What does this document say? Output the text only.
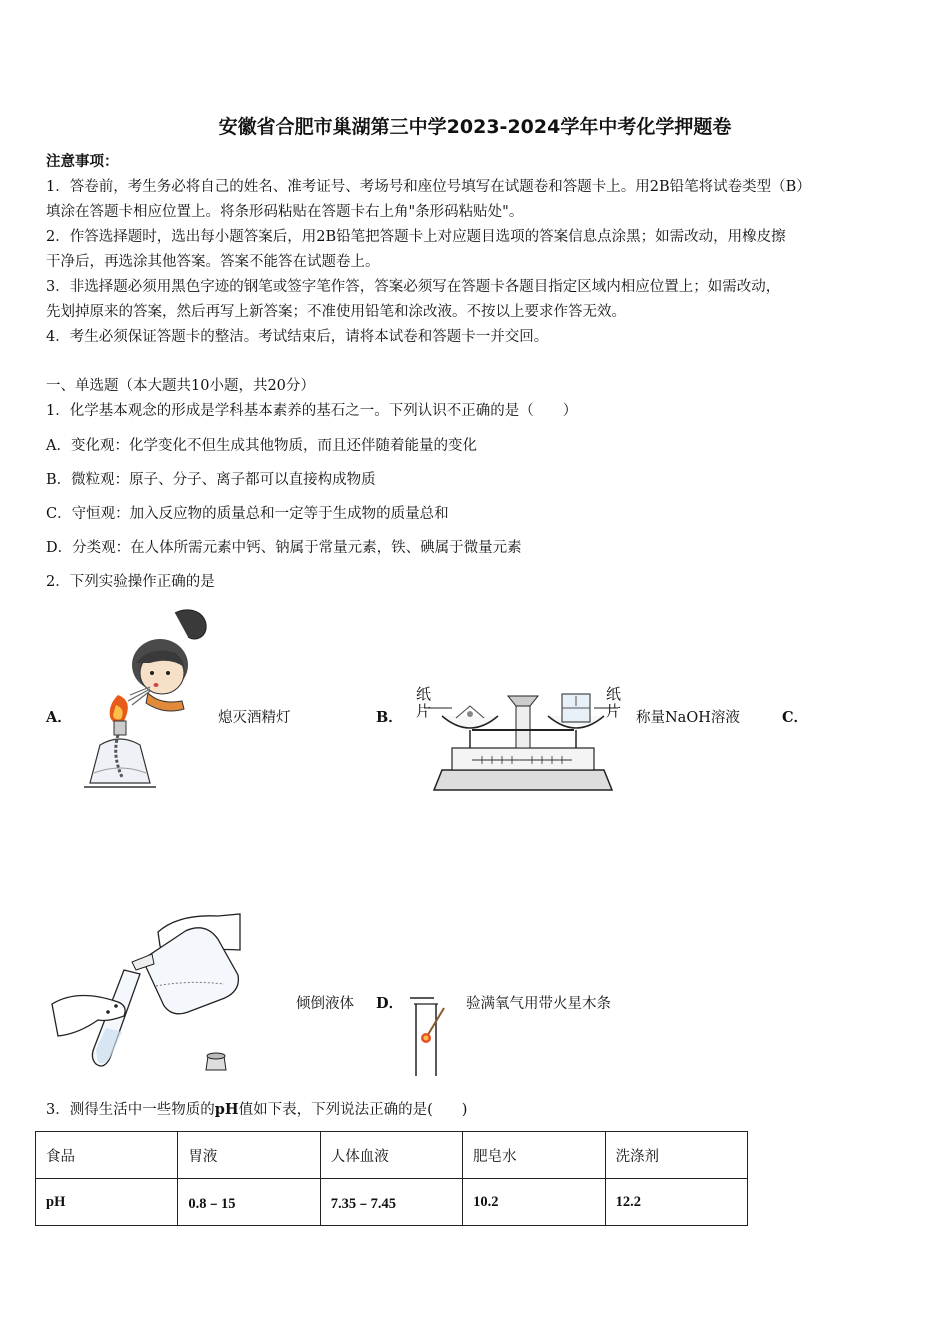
安徽省合肥市巢湖第三中学2023-2024学年中考化学押题卷
注意事项：
1．答卷前，考生务必将自己的姓名、准考证号、考场号和座位号填写在试题卷和答题卡上。用2B铅笔将试卷类型（B）
填涂在答题卡相应位置上。将条形码粘贴在答题卡右上角"条形码粘贴处"。
2．作答选择题时，选出每小题答案后，用2B铅笔把答题卡上对应题目选项的答案信息点涂黑；如需改动，用橡皮擦
干净后，再选涂其他答案。答案不能答在试题卷上。
3．非选择题必须用黑色字迹的钢笔或签字笔作答，答案必须写在答题卡各题目指定区域内相应位置上；如需改动，
先划掉原来的答案，然后再写上新答案；不准使用铅笔和涂改液。不按以上要求作答无效。
4．考生必须保证答题卡的整洁。考试结束后，请将本试卷和答题卡一并交回。
一、单选题（本大题共10小题，共20分）
1．化学基本观念的形成是学科基本素养的基石之一。下列认识不正确的是（　　）
A．变化观：化学变化不但生成其他物质，而且还伴随着能量的变化
B．微粒观：原子、分子、离子都可以直接构成物质
C．守恒观：加入反应物的质量总和一定等于生成物的质量总和
D．分类观：在人体所需元素中钙、钠属于常量元素，铁、碘属于微量元素
2．下列实验操作正确的是
A．	熄灭酒精灯	B．
纸
片
纸
片 称量NaOH溶液	C．
倾倒液体 D．	验满氧气用带火星木条
3．测得生活中一些物质的pH值如下表，下列说法正确的是(　　)
食品	胃液	人体血液	肥皂水	洗涤剂
pH	0.8﹣15	7.35﹣7.45	10.2	12.2
